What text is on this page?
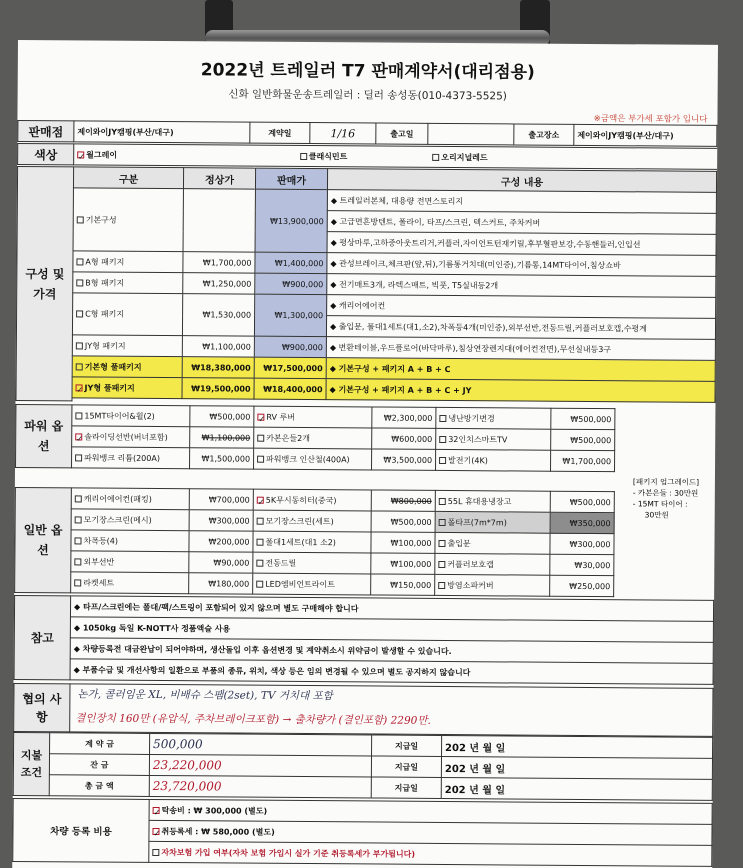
2022년 트레일러 T7 판매계약서(대리점용)
신화 일반화물운송트레일러 : 딜러 송성동(010-4373-5525)
※금액은 부가세 포함가 입니다
판매점	제이와이JY캠핑(부산/대구)	계약일	1/16	출고일		출고장소	제이와이JY캠핑(부산/대구)
색상	✓월그레이	클래식민트	오리지널레드
구성 및 가격	구분	정상가	판매가	구성 내용
	기본구성		₩13,900,000	◆ 트레일러본체, 대용량 전면스토리지
				◆ 고급면흔방텐트, 폴라이, 타프/스크린, 텍스커트, 주차커버
				◆ 평상마루,고하중아웃트리거,커플러,자이언트턴재키릴,후부혈판보강,수동핸들러,인입선
	A형 패키지	₩1,700,000	₩1,400,000	◆ 관성브레이크,체크판(앞,뒤),기름통거치대(미인증),기름통,14MT타이어,침상쇼바
	B형 패키지	₩1,250,000	₩900,000	◆ 전기매트3개, 라텍스매트, 빅풋, T5실내등2개
	C형 패키지	₩1,530,000	₩1,300,000	◆ 캐리어에어컨
				◆ 출입문, 폴대1세트(대1,소2),차폭등4개(미인증),외부선반,전동드릴,커플러보호캡,수평계
	JY형 패키지	₩1,100,000	₩900,000	◆ 변환테이블,우드플로어(바닥마루),침상연장렌지대(에어컨전면),무선실내등3구
	기본형 풀패키지	₩18,380,000	₩17,500,000	◆ 기본구성 + 패키지 A + B + C
	✓JY형 풀패키지	₩19,500,000	₩18,400,000	◆ 기본구성 + 패키지 A + B + C + JY

파워 옵션	15MT타이어&휠(2)	₩500,000	✓RV 루버	₩2,300,000	냉난방기변경	₩500,000
	✓솔라이딩선반(버너포함)	₩1,100,000	카본은들2개	₩600,000	32인치스마트TV	₩500,000
	파워뱅크 리튬(200A)	₩1,500,000	파워뱅크 인산철(400A)	₩3,500,000	발전기(4K)	₩1,700,000
일반 옵션	캐리어에어컨(패킹)	₩700,000	✓5K무시동히터(중국)	₩800,000	55L 휴대용냉장고	₩500,000
	모기장스크린(메시)	₩300,000	모기장스크린(세트)	₩500,000	폴타프(7m*7m)	₩350,000
	차폭등(4)	₩200,000	폴대1세트(대1 소2)	₩100,000	출입문	₩300,000
	외부선반	₩90,000	전동드릴	₩100,000	커플러보호캡	₩30,000
	라켓세트	₩180,000	LED엠비언트라이트	₩150,000	방염소파커버	₩250,000
[패키지 업그레이드]
- 카본은들 : 30만원
- 15MT 타이어 :
30만원
참고	◆ 타프/스크린에는 폴대/팩/스트링이 포함되어 있지 않으며 별도 구매해야 합니다
◆ 1050kg 독일 K-NOTT사 정품액슬 사용
◆ 차량등록전 대금완납이 되어야하며, 생산돌입 이후 옵션변경 및 계약취소시 위약금이 발생할 수 있습니다.
◆ 부품수급 및 개선사항의 일환으로 부품의 종류, 위치, 색상 등은 임의 변경될 수 있으며 별도 공지하지 않습니다
협의 사항	
논가, 콜러임운 XL, 비배슈 스팸(2set), TV 거치대 포함
결인장치 160만 (유압식, 주차브레이크포함) → 출차량가 (결인포함) 2290만.
지불 조건	계 약 금	500,000	지급일	202 년 월 일
	잔 금	23,220,000	지급일	202 년 월 일
	총 금 액	23,720,000	지급일	202 년 월 일
차량 등록 비용	✓탁송비 : ₩ 300,000 (별도)
✓취등록세 : ₩ 580,000 (별도)
자차보험 가입 여부(자차 보험 가입시 실가 기준 취등록세가 부가됩니다)
